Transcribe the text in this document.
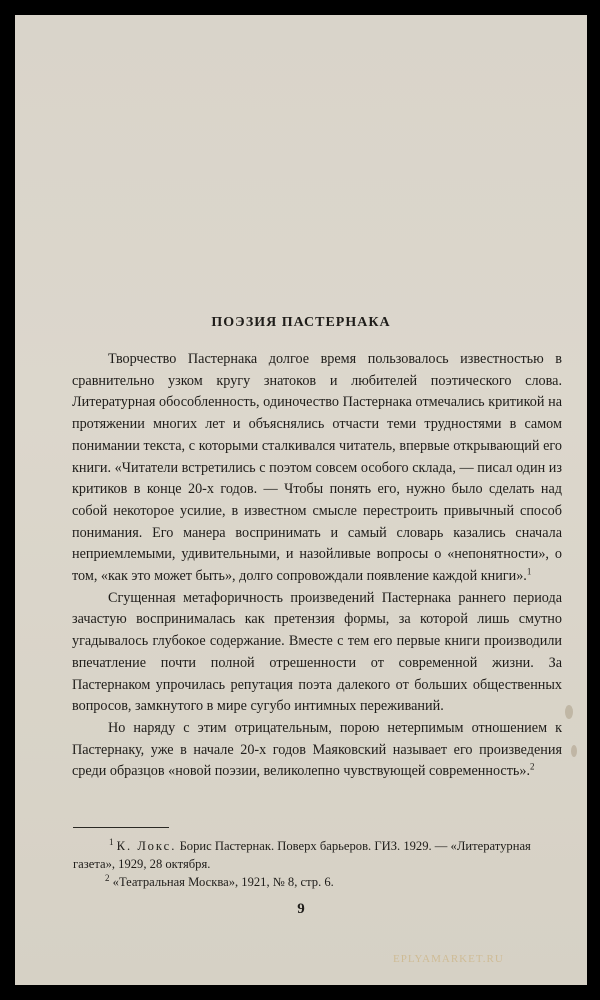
ПОЭЗИЯ ПАСТЕРНАКА

Творчество Пастернака долгое время пользовалось известностью в сравнительно узком кругу знатоков и любителей поэтического слова. Литературная обособленность, одиночество Пастернака отмечались критикой на протяжении многих лет и объяснялись отчасти теми трудностями в самом понимании текста, с которыми сталкивался читатель, впервые открывающий его книги. «Читатели встретились с поэтом совсем особого склада, — писал один из критиков в конце 20-х годов. — Чтобы понять его, нужно было сделать над собой некоторое усилие, в известном смысле перестроить привычный способ понимания. Его манера воспринимать и самый словарь казались сначала неприемлемыми, удивительными, и назойливые вопросы о «непонятности», о том, «как это может быть», долго сопровождали появление каждой книги».$^1$

Сгущенная метафоричность произведений Пастернака раннего периода зачастую воспринималась как претензия формы, за которой лишь смутно угадывалось глубокое содержание. Вместе с тем его первые книги производили впечатление почти полной отрешенности от современной жизни. За Пастернаком упрочилась репутация поэта далекого от больших общественных вопросов, замкнутого в мире сугубо интимных переживаний.

Но наряду с этим отрицательным, порою нетерпимым отношением к Пастернаку, уже в начале 20-х годов Маяковский называет его произведения среди образцов «новой поэзии, великолепно чувствующей современность».$^2$

$^1$ К. Локс. Борис Пастернак. Поверх барьеров. ГИЗ. 1929. — «Литературная газета», 1929, 28 октября.

$^2$ «Театральная Москва», 1921, № 8, стр. 6.

9
EPLYAMARKET.RU
